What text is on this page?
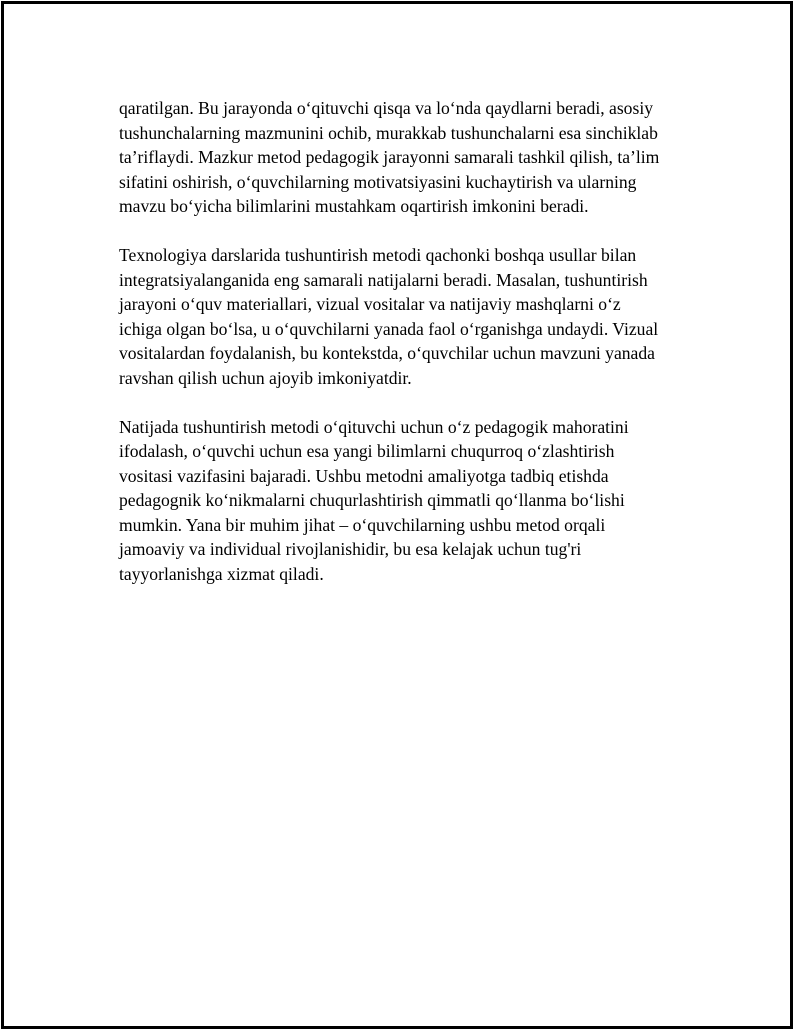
qaratilgan. Bu jarayonda o‘qituvchi qisqa va lo‘nda qaydlarni beradi, asosiy
tushunchalarning mazmunini ochib, murakkab tushunchalarni esa sinchiklab
ta’riflaydi. Mazkur metod pedagogik jarayonni samarali tashkil qilish, ta’lim
sifatini oshirish, o‘quvchilarning motivatsiyasini kuchaytirish va ularning
mavzu bo‘yicha bilimlarini mustahkam oqartirish imkonini beradi.

Texnologiya darslarida tushuntirish metodi qachonki boshqa usullar bilan
integratsiyalanganida eng samarali natijalarni beradi. Masalan, tushuntirish
jarayoni o‘quv materiallari, vizual vositalar va natijaviy mashqlarni o‘z
ichiga olgan bo‘lsa, u o‘quvchilarni yanada faol o‘rganishga undaydi. Vizual
vositalardan foydalanish, bu kontekstda, o‘quvchilar uchun mavzuni yanada
ravshan qilish uchun ajoyib imkoniyatdir.

Natijada tushuntirish metodi o‘qituvchi uchun o‘z pedagogik mahoratini
ifodalash, o‘quvchi uchun esa yangi bilimlarni chuqurroq o‘zlashtirish
vositasi vazifasini bajaradi. Ushbu metodni amaliyotga tadbiq etishda
pedagognik ko‘nikmalarni chuqurlashtirish qimmatli qo‘llanma bo‘lishi
mumkin. Yana bir muhim jihat – o‘quvchilarning ushbu metod orqali
jamoaviy va individual rivojlanishidir, bu esa kelajak uchun tug'ri
tayyorlanishga xizmat qiladi.
